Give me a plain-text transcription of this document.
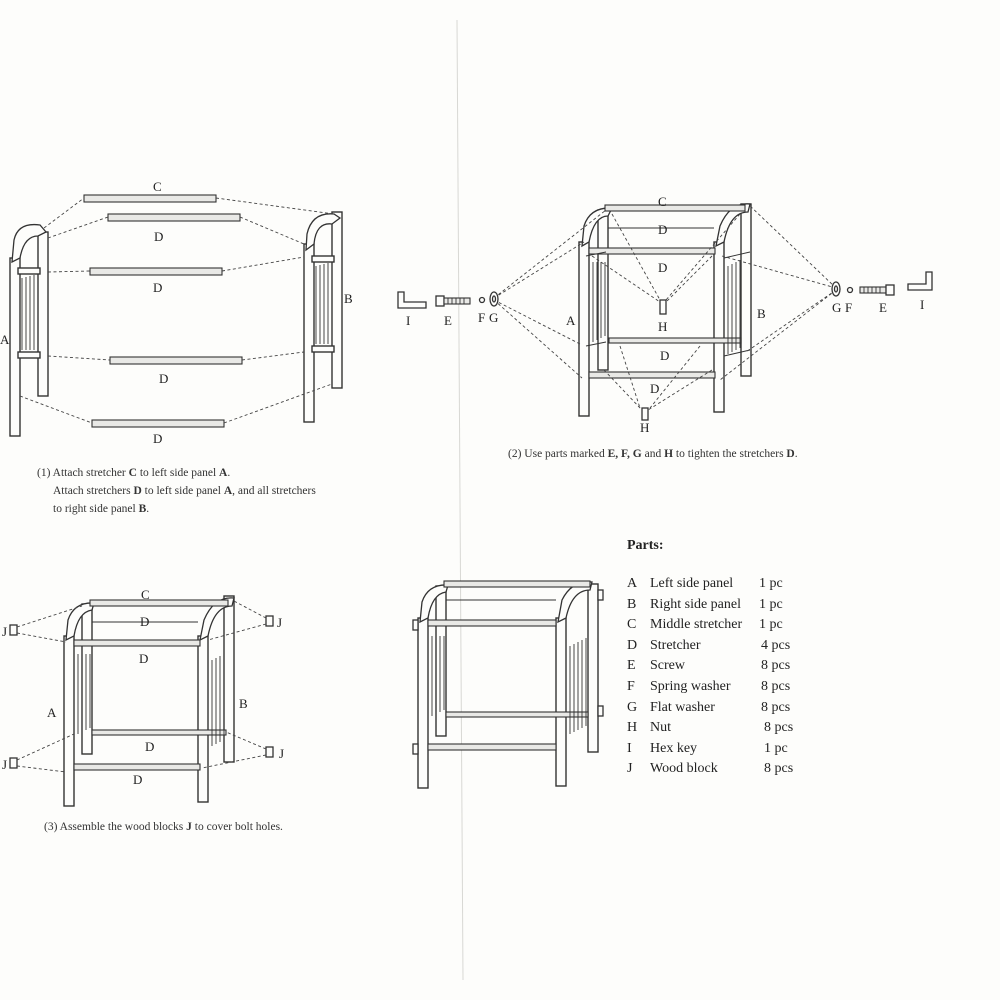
C
D
D
D
D
A
B
C
D
D
D
D
H
H
A	B
I	E F G
G F E	I
C
D
D
D
D
A
B
J
J
J
J
(1) Attach stretcher C to left side panel A.
Attach stretchers D to left side panel A, and all stretchers
to right side panel B.
(2) Use parts marked E, F, G and H to tighten the stretchers D.
(3) Assemble the wood blocks J to cover bolt holes.
Parts:
A Left side panel 1 pc
B Right side panel 1 pc
C Middle stretcher 1 pc
D Stretcher	4 pcs
E Screw	8 pcs
F Spring washer 8 pcs
G Flat washer	8 pcs
H Nut	8 pcs
I Hex key	1 pc
J Wood block	8 pcs
